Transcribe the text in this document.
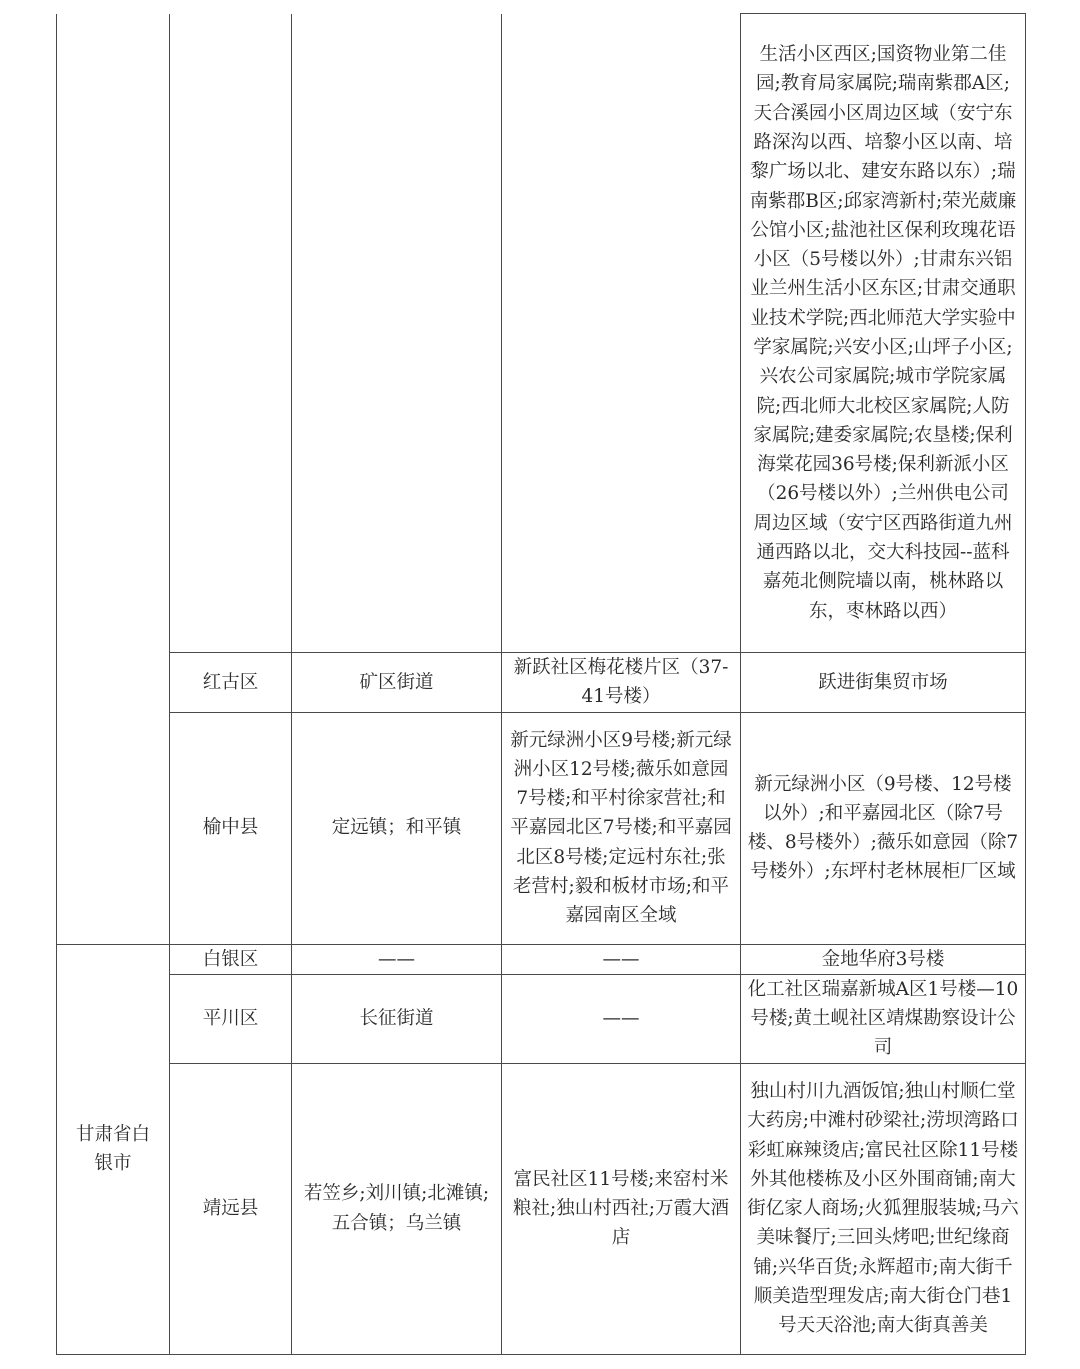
				生活小区西区;国资物业第二佳园;教育局家属院;瑞南紫郡A区;天合溪园小区周边区域（安宁东路深沟以西、培黎小区以南、培黎广场以北、建安东路以东）;瑞南紫郡B区;邱家湾新村;荣光葳廉公馆小区;盐池社区保利玫瑰花语小区（5号楼以外）;甘肃东兴铝业兰州生活小区东区;甘肃交通职业技术学院;西北师范大学实验中学家属院;兴安小区;山坪子小区;兴农公司家属院;城市学院家属院;西北师大北校区家属院;人防家属院;建委家属院;农垦楼;保利海棠花园36号楼;保利新派小区（26号楼以外）;兰州供电公司周边区域（安宁区西路街道九州通西路以北，交大科技园--蓝科嘉苑北侧院墙以南，桃林路以东，枣林路以西）

	红古区	矿区街道	新跃社区梅花楼片区（37-41号楼）	跃进街集贸市场

	榆中县	定远镇；和平镇	新元绿洲小区9号楼;新元绿洲小区12号楼;薇乐如意园7号楼;和平村徐家营社;和平嘉园北区7号楼;和平嘉园北区8号楼;定远村东社;张老营村;毅和板材市场;和平嘉园南区全域	新元绿洲小区（9号楼、12号楼以外）;和平嘉园北区（除7号楼、8号楼外）;薇乐如意园（除7号楼外）;东坪村老林展柜厂区域

甘肃省白银市	白银区	——	——	金地华府3号楼

	平川区	长征街道	——	化工社区瑞嘉新城A区1号楼—10号楼;黄土岘社区靖煤勘察设计公司

	靖远县	若笠乡;刘川镇;北滩镇;五合镇；乌兰镇	富民社区11号楼;来窑村米粮社;独山村西社;万霞大酒店	独山村川九酒饭馆;独山村顺仁堂大药房;中滩村砂梁社;涝坝湾路口彩虹麻辣烫店;富民社区除11号楼外其他楼栋及小区外围商铺;南大街亿家人商场;火狐狸服装城;马六美味餐厅;三回头烤吧;世纪缘商铺;兴华百货;永辉超市;南大街千顺美造型理发店;南大街仓门巷1号天天浴池;南大街真善美
